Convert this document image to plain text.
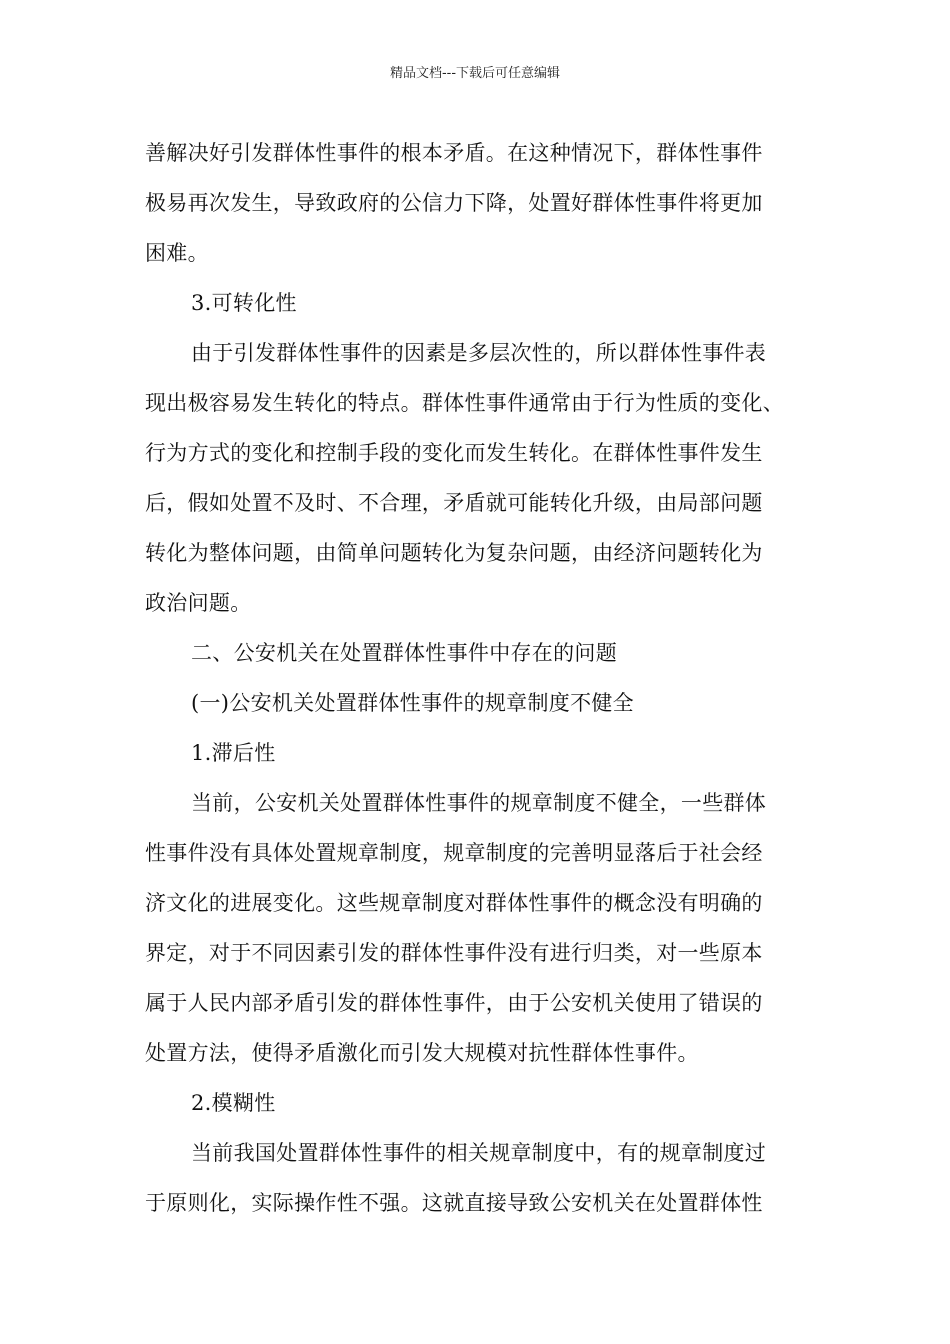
精品文档---下载后可任意编辑
善解决好引发群体性事件的根本矛盾。在这种情况下，群体性事件
极易再次发生，导致政府的公信力下降，处置好群体性事件将更加
困难。
3.可转化性
由于引发群体性事件的因素是多层次性的，所以群体性事件表
现出极容易发生转化的特点。群体性事件通常由于行为性质的变化、
行为方式的变化和控制手段的变化而发生转化。在群体性事件发生
后，假如处置不及时、不合理，矛盾就可能转化升级，由局部问题
转化为整体问题，由简单问题转化为复杂问题，由经济问题转化为
政治问题。
二、公安机关在处置群体性事件中存在的问题
(一)公安机关处置群体性事件的规章制度不健全
1.滞后性
当前，公安机关处置群体性事件的规章制度不健全，一些群体
性事件没有具体处置规章制度，规章制度的完善明显落后于社会经
济文化的进展变化。这些规章制度对群体性事件的概念没有明确的
界定，对于不同因素引发的群体性事件没有进行归类，对一些原本
属于人民内部矛盾引发的群体性事件，由于公安机关使用了错误的
处置方法，使得矛盾激化而引发大规模对抗性群体性事件。
2.模糊性
当前我国处置群体性事件的相关规章制度中，有的规章制度过
于原则化，实际操作性不强。这就直接导致公安机关在处置群体性
